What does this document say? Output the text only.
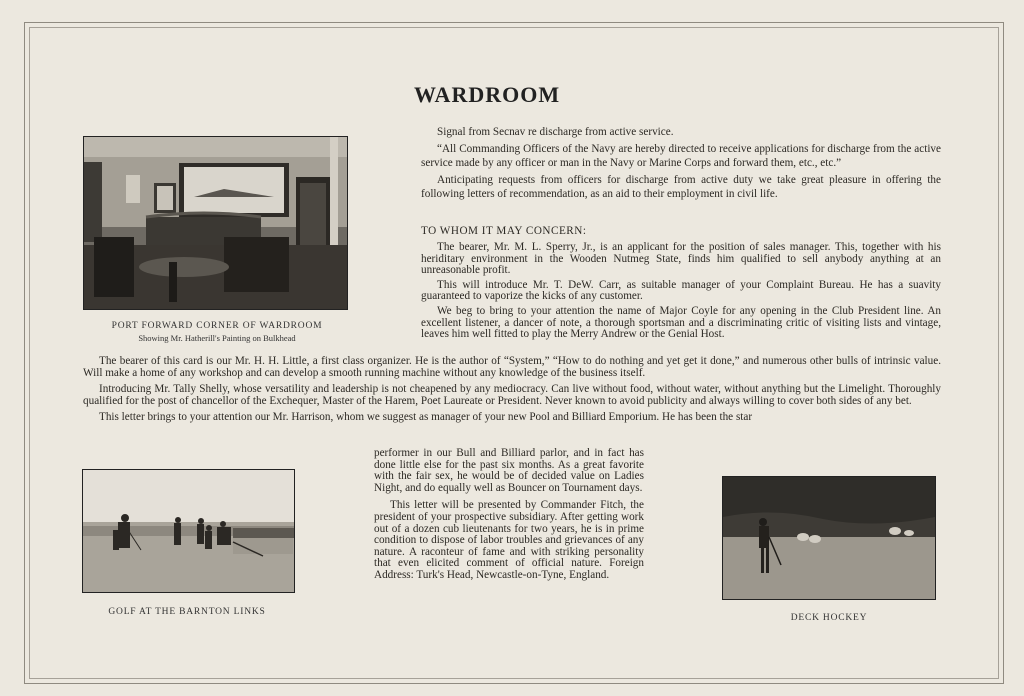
WARDROOM
PORT FORWARD CORNER OF WARDROOM
Showing Mr. Hatherill's Painting on Bulkhead

Signal from Secnav re discharge from active service.

“All Commanding Officers of the Navy are hereby directed to receive applications for discharge from the active service made by any officer or man in the Navy or Marine Corps and forward them, etc., etc.”

Anticipating requests from officers for discharge from active duty we take great pleasure in offering the following letters of recommendation, as an aid to their employment in civil life.

TO WHOM IT MAY CONCERN:

The bearer, Mr. M. L. Sperry, Jr., is an applicant for the position of sales manager. This, together with his heriditary environment in the Wooden Nutmeg State, finds him qualified to sell anybody anything at an unreasonable profit.

This will introduce Mr. T. DeW. Carr, as suitable manager of your Complaint Bureau. He has a suavity guaranteed to vaporize the kicks of any customer.

We beg to bring to your attention the name of Major Coyle for any opening in the Club President line. An excellent listener, a dancer of note, a thorough sportsman and a discriminating critic of visiting lists and vintage, leaves him well fitted to play the Merry Andrew or the Genial Host.

The bearer of this card is our Mr. H. H. Little, a first class organizer. He is the author of “System,” “How to do nothing and yet get it done,” and numerous other bulls of intrinsic value. Will make a home of any workshop and can develop a smooth running machine without any knowledge of the business itself.

Introducing Mr. Tally Shelly, whose versatility and leadership is not cheapened by any mediocracy. Can live without food, without water, without anything but the Limelight. Thoroughly qualified for the post of chancellor of the Exchequer, Master of the Harem, Poet Laureate or President. Never known to avoid publicity and always willing to cover both sides of any bet.

This letter brings to your attention our Mr. Harrison, whom we suggest as manager of your new Pool and Billiard Emporium. He has been the star

performer in our Bull and Billiard parlor, and in fact has done little else for the past six months. As a great favorite with the fair sex, he would be of decided value on Ladies Night, and do equally well as Bouncer on Tournament days.

This letter will be presented by Commander Fitch, the president of your prospective subsidiary. After getting work out of a dozen cub lieutenants for two years, he is in prime condition to dispose of labor troubles and grievances of any nature. A raconteur of fame and with striking personality that even elicited comment of official nature. Foreign Address: Turk's Head, Newcastle-on-Tyne, England.

GOLF AT THE BARNTON LINKS
DECK HOCKEY
